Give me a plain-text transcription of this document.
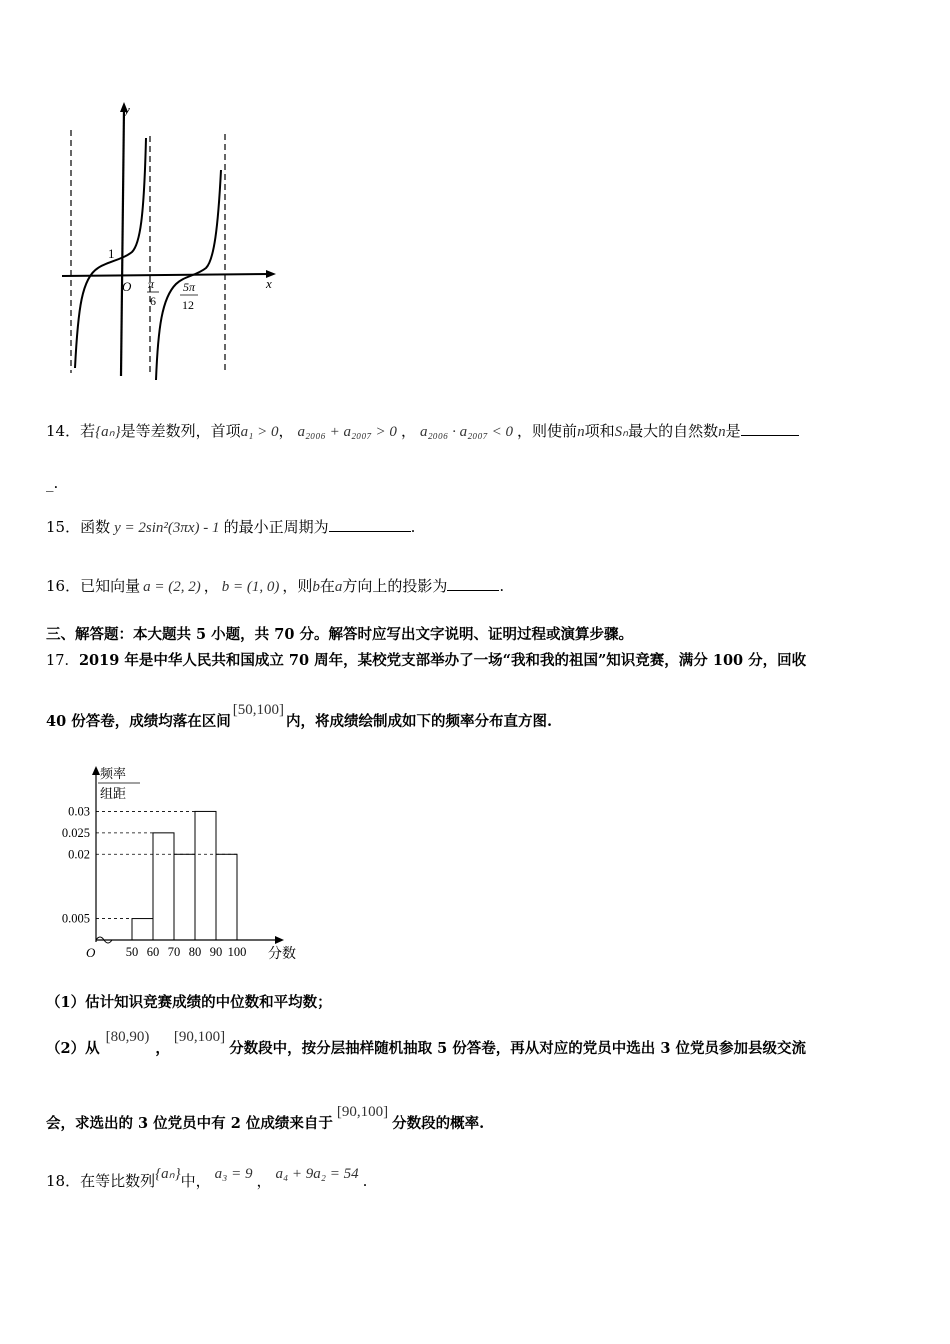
y
x
O
1
π
6
5π
12
14．若{aₙ}是等差数列，首项a₁ > 0， a₂₀₀₆ + a₂₀₀₇ > 0 ， a₂₀₀₆ · a₂₀₀₇ < 0 ，则使前n项和Sₙ最大的自然数n是
_.
15．函数 y = 2sin²(3πx) - 1 的最小正周期为	.
16．已知向量 a = (2, 2) ， b = (1, 0) ，则b在a方向上的投影为	.
三、解答题：本大题共 5 小题，共 70 分。解答时应写出文字说明、证明过程或演算步骤。
17．2019 年是中华人民共和国成立 70 周年，某校党支部举办了一场“我和我的祖国”知识竞赛，满分 100 分，回收
40 份答卷，成绩均落在区间[50,100]内，将成绩绘制成如下的频率分布直方图.
0.03
0.025
0.02
0.005
50 60 70 80 90 100
频率
组距
O	分数
（1）估计知识竞赛成绩的中位数和平均数；
（2）从[80,90)，[90,100]分数段中，按分层抽样随机抽取 5 份答卷，再从对应的党员中选出 3 位党员参加县级交流
会，求选出的 3 位党员中有 2 位成绩来自于[90,100]分数段的概率.
18．在等比数列{aₙ}中， a₃ = 9 ， a₄ + 9a₂ = 54 .
